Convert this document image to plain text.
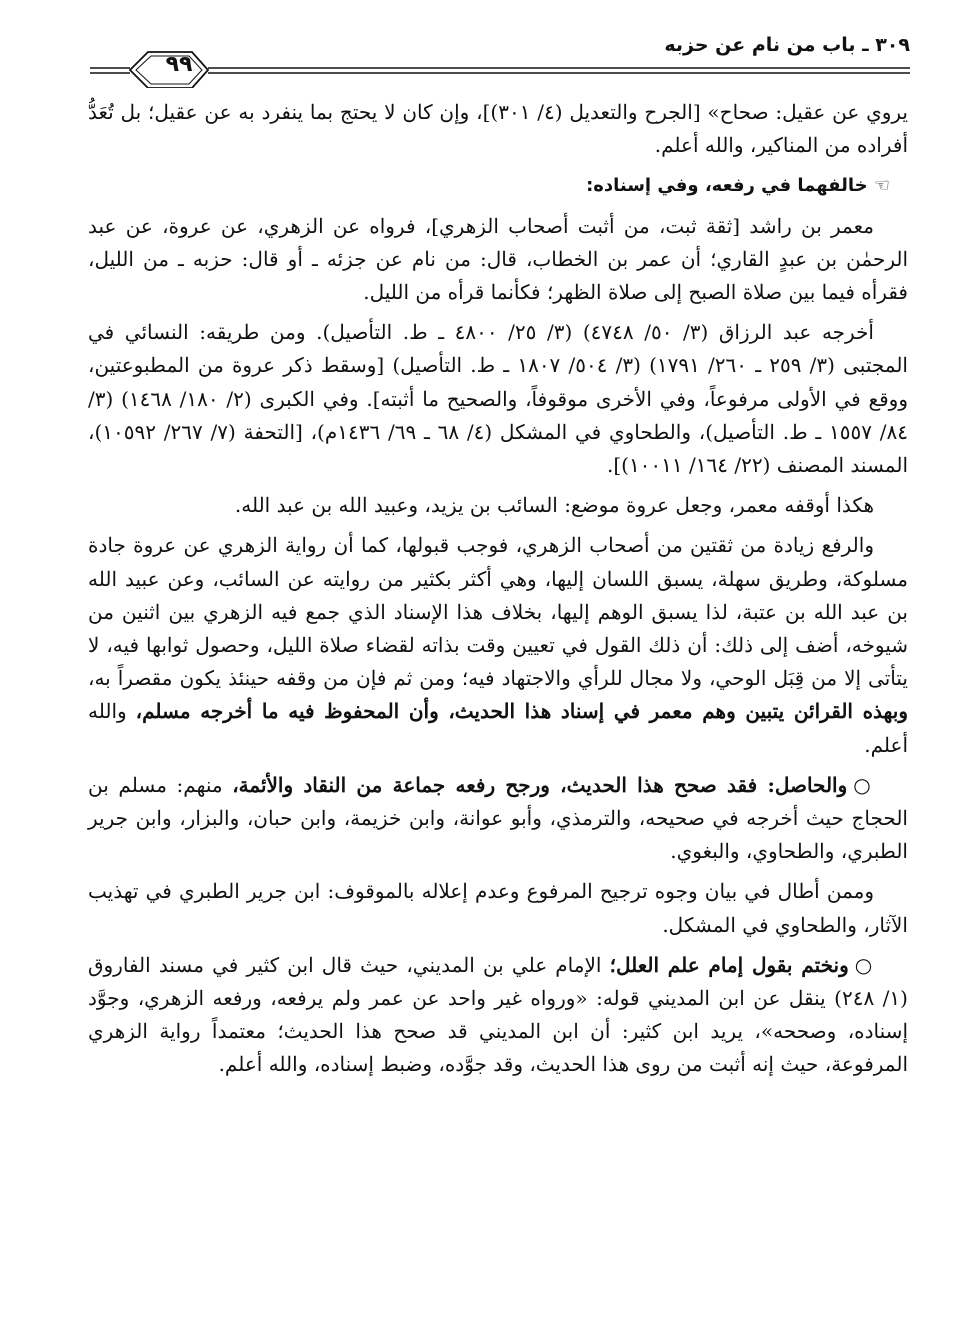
٩٩
٣٠٩ ـ باب من نام عن حزبه

يروي عن عقيل: صحاح» [الجرح والتعديل (٤/ ٣٠١)]، وإن كان لا يحتج بما ينفرد به عن عقيل؛ بل تُعَدُّ أفراده من المناكير، والله أعلم.

☜ خالفهما في رفعه، وفي إسناده:

معمر بن راشد [ثقة ثبت، من أثبت أصحاب الزهري]، فرواه عن الزهري، عن عروة، عن عبد الرحمٰن بن عبدٍ القاري؛ أن عمر بن الخطاب، قال: من نام عن جزئه ـ أو قال: حزبه ـ من الليل، فقرأه فيما بين صلاة الصبح إلى صلاة الظهر؛ فكأنما قرأه من الليل.

أخرجه عبد الرزاق (٣/ ٥٠/ ٤٧٤٨) (٣/ ٢٥/ ٤٨٠٠ ـ ط. التأصيل). ومن طريقه: النسائي في المجتبى (٣/ ٢٥٩ ـ ٢٦٠/ ١٧٩١) (٣/ ٥٠٤/ ١٨٠٧ ـ ط. التأصيل) [وسقط ذكر عروة من المطبوعتين، ووقع في الأولى مرفوعاً، وفي الأخرى موقوفاً، والصحيح ما أثبته]. وفي الكبرى (٢/ ١٨٠/ ١٤٦٨) (٣/ ٨٤/ ١٥٥٧ ـ ط. التأصيل)، والطحاوي في المشكل (٤/ ٦٨ ـ ٦٩/ ١٤٣٦م)، [التحفة (٧/ ٢٦٧/ ١٠٥٩٢)، المسند المصنف (٢٢/ ١٦٤/ ١٠٠١١)].

هكذا أوقفه معمر، وجعل عروة موضع: السائب بن يزيد، وعبيد الله بن عبد الله.

والرفع زيادة من ثقتين من أصحاب الزهري، فوجب قبولها، كما أن رواية الزهري عن عروة جادة مسلوكة، وطريق سهلة، يسبق اللسان إليها، وهي أكثر بكثير من روايته عن السائب، وعن عبيد الله بن عبد الله بن عتبة، لذا يسبق الوهم إليها، بخلاف هذا الإسناد الذي جمع فيه الزهري بين اثنين من شيوخه، أضف إلى ذلك: أن ذلك القول في تعيين وقت بذاته لقضاء صلاة الليل، وحصول ثوابها فيه، لا يتأتى إلا من قِبَل الوحي، ولا مجال للرأي والاجتهاد فيه؛ ومن ثم فإن من وقفه حينئذ يكون مقصراً به، وبهذه القرائن يتبين وهم معمر في إسناد هذا الحديث، وأن المحفوظ فيه ما أخرجه مسلم، والله أعلم.

○والحاصل: فقد صحح هذا الحديث، ورجح رفعه جماعة من النقاد والأئمة، منهم: مسلم بن الحجاج حيث أخرجه في صحيحه، والترمذي، وأبو عوانة، وابن خزيمة، وابن حبان، والبزار، وابن جرير الطبري، والطحاوي، والبغوي.

وممن أطال في بيان وجوه ترجيح المرفوع وعدم إعلاله بالموقوف: ابن جرير الطبري في تهذيب الآثار، والطحاوي في المشكل.

○ونختم بقول إمام علم العلل؛ الإمام علي بن المديني، حيث قال ابن كثير في مسند الفاروق (١/ ٢٤٨) ينقل عن ابن المديني قوله: «ورواه غير واحد عن عمر ولم يرفعه، ورفعه الزهري، وجوَّد إسناده، وصححه»، يريد ابن كثير: أن ابن المديني قد صحح هذا الحديث؛ معتمداً رواية الزهري المرفوعة، حيث إنه أثبت من روى هذا الحديث، وقد جوَّده، وضبط إسناده، والله أعلم.
